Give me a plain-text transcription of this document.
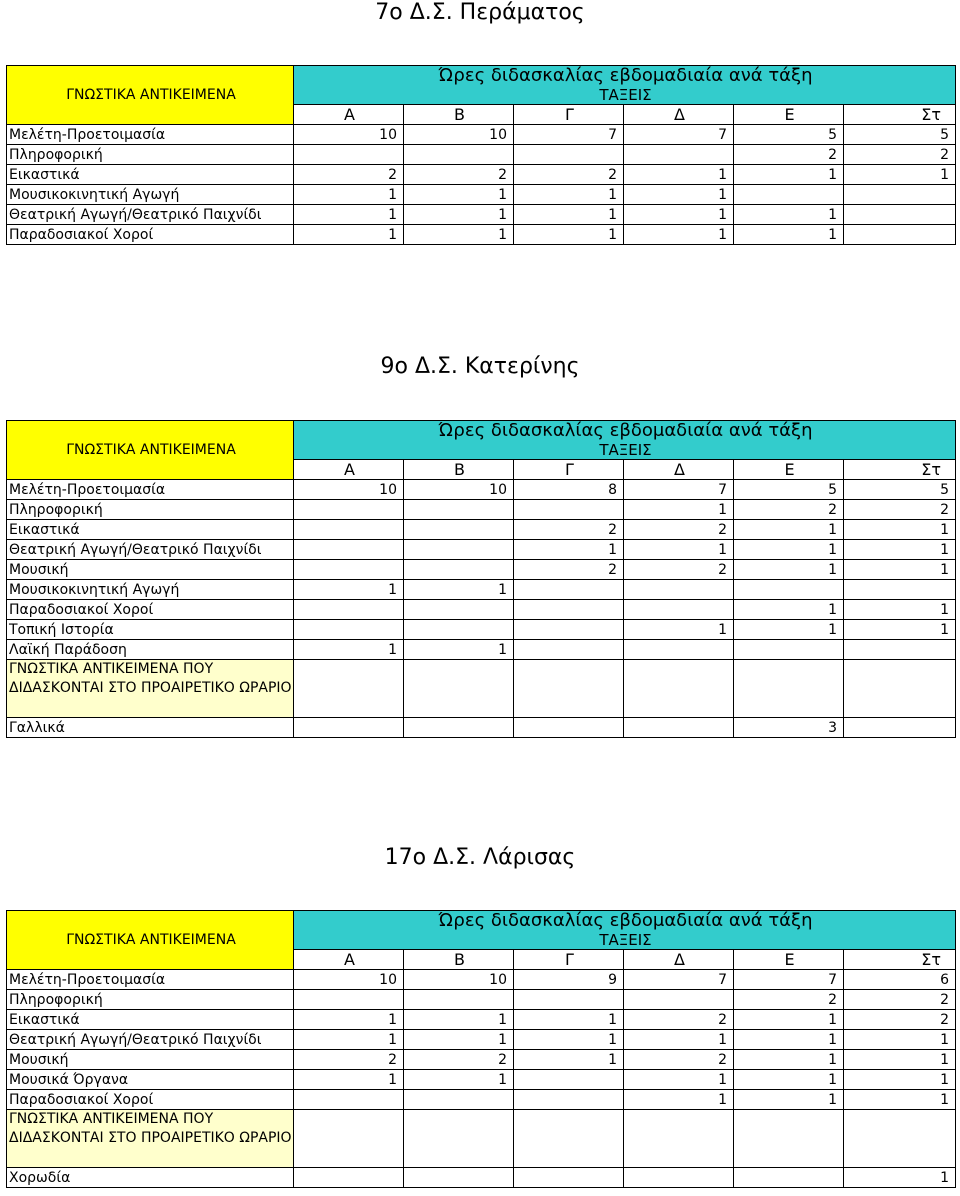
7ο Δ.Σ. Περάματος
ΓΝΩΣΤΙΚΑ ΑΝΤΙΚΕΙΜΕΝΑ	Ώρες διδασκαλίας εβδομαδιαία ανά τάξη					
	ΤΑΞΕΙΣ					
	Α	Β	Γ	Δ	Ε	Στ
Μελέτη-Προετοιμασία	10	10	7	7	5	5
Πληροφορική					2	2
Εικαστικά	2	2	2	1	1	1
Μουσικοκινητική Αγωγή	1	1	1	1		
Θεατρική Αγωγή/Θεατρικό Παιχνίδι	1	1	1	1	1	
Παραδοσιακοί Χοροί	1	1	1	1	1	
9ο Δ.Σ. Κατερίνης
ΓΝΩΣΤΙΚΑ ΑΝΤΙΚΕΙΜΕΝΑ	Ώρες διδασκαλίας εβδομαδιαία ανά τάξη					
	ΤΑΞΕΙΣ					
	Α	Β	Γ	Δ	Ε	Στ
Μελέτη-Προετοιμασία	10	10	8	7	5	5
Πληροφορική				1	2	2
Εικαστικά			2	2	1	1
Θεατρική Αγωγή/Θεατρικό Παιχνίδι			1	1	1	1
Μουσική			2	2	1	1
Μουσικοκινητική Αγωγή	1	1				
Παραδοσιακοί Χοροί					1	1
Τοπική Ιστορία				1	1	1
Λαϊκή Παράδοση	1	1				
ΓΝΩΣΤΙΚΑ ΑΝΤΙΚΕΙΜΕΝΑ ΠΟΥ ΔΙΔΑΣΚΟΝΤΑΙ ΣΤΟ ΠΡΟΑΙΡΕΤΙΚΟ ΩΡΑΡΙΟ						
Γαλλικά					3	
17ο Δ.Σ. Λάρισας
ΓΝΩΣΤΙΚΑ ΑΝΤΙΚΕΙΜΕΝΑ	Ώρες διδασκαλίας εβδομαδιαία ανά τάξη					
	ΤΑΞΕΙΣ					
	Α	Β	Γ	Δ	Ε	Στ
Μελέτη-Προετοιμασία	10	10	9	7	7	6
Πληροφορική					2	2
Εικαστικά	1	1	1	2	1	2
Θεατρική Αγωγή/Θεατρικό Παιχνίδι	1	1	1	1	1	1
Μουσική	2	2	1	2	1	1
Μουσικά Όργανα	1	1		1	1	1
Παραδοσιακοί Χοροί				1	1	1
ΓΝΩΣΤΙΚΑ ΑΝΤΙΚΕΙΜΕΝΑ ΠΟΥ ΔΙΔΑΣΚΟΝΤΑΙ ΣΤΟ ΠΡΟΑΙΡΕΤΙΚΟ ΩΡΑΡΙΟ						
Χορωδία						1
